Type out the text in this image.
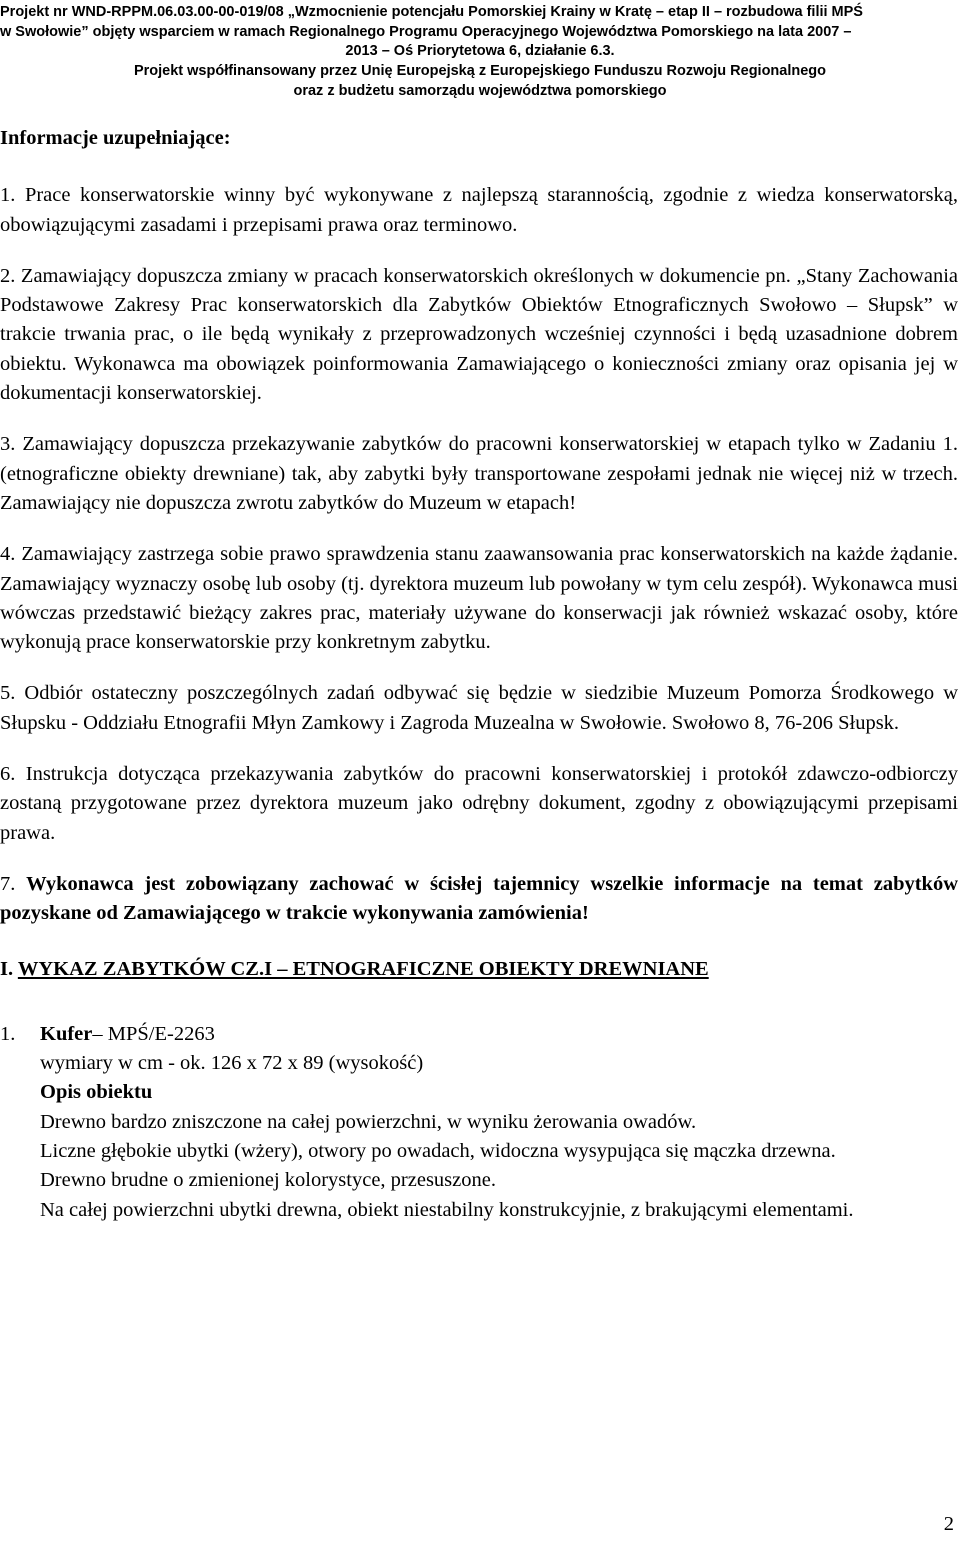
Projekt nr WND-RPPM.06.03.00-00-019/08 „Wzmocnienie potencjału Pomorskiej Krainy w Kratę – etap II – rozbudowa filii MPŚ
w Swołowie” objęty wsparciem w ramach Regionalnego Programu Operacyjnego Województwa Pomorskiego na lata 2007 –
2013 – Oś Priorytetowa 6, działanie 6.3.
Projekt współfinansowany przez Unię Europejską z Europejskiego Funduszu Rozwoju Regionalnego
oraz z budżetu samorządu województwa pomorskiego
Informacje uzupełniające:

1. Prace konserwatorskie winny być wykonywane z najlepszą starannością, zgodnie z wiedza konserwatorską, obowiązującymi zasadami i przepisami prawa oraz terminowo.

2. Zamawiający dopuszcza zmiany w pracach konserwatorskich określonych w dokumencie pn. „Stany Zachowania Podstawowe Zakresy Prac konserwatorskich dla Zabytków Obiektów Etnograficznych Swołowo – Słupsk” w trakcie trwania prac, o ile będą wynikały z przeprowadzonych wcześniej czynności i będą uzasadnione dobrem obiektu. Wykonawca ma obowiązek poinformowania Zamawiającego o konieczności zmiany oraz opisania jej w dokumentacji konserwatorskiej.

3. Zamawiający dopuszcza przekazywanie zabytków do pracowni konserwatorskiej w etapach tylko w Zadaniu 1. (etnograficzne obiekty drewniane) tak, aby zabytki były transportowane zespołami jednak nie więcej niż w trzech. Zamawiający nie dopuszcza zwrotu zabytków do Muzeum w etapach!

4. Zamawiający zastrzega sobie prawo sprawdzenia stanu zaawansowania prac konserwatorskich na każde żądanie. Zamawiający wyznaczy osobę lub osoby (tj. dyrektora muzeum lub powołany w tym celu zespół). Wykonawca musi wówczas przedstawić bieżący zakres prac, materiały używane do konserwacji jak również wskazać osoby, które wykonują prace konserwatorskie przy konkretnym zabytku.

5. Odbiór ostateczny poszczególnych zadań odbywać się będzie w siedzibie Muzeum Pomorza Środkowego w Słupsku - Oddziału Etnografii Młyn Zamkowy i Zagroda Muzealna w Swołowie. Swołowo 8, 76-206 Słupsk.

6. Instrukcja dotycząca przekazywania zabytków do pracowni konserwatorskiej i protokół zdawczo-odbiorczy zostaną przygotowane przez dyrektora muzeum jako odrębny dokument, zgodny z obowiązującymi przepisami prawa.

7. Wykonawca jest zobowiązany zachować w ścisłej tajemnicy wszelkie informacje na temat zabytków pozyskane od Zamawiającego w trakcie wykonywania zamówienia!

I. WYKAZ ZABYTKÓW CZ.I – ETNOGRAFICZNE OBIEKTY DREWNIANE
1. Kufer– MPŚ/E-2263
wymiary w cm - ok. 126 x 72 x 89 (wysokość)
Opis obiektu
Drewno bardzo zniszczone na całej powierzchni, w wyniku żerowania owadów.
Liczne głębokie ubytki (wżery), otwory po owadach, widoczna wysypująca się mączka drzewna.
Drewno brudne o zmienionej kolorystyce, przesuszone.
Na całej powierzchni ubytki drewna, obiekt niestabilny konstrukcyjnie, z brakującymi elementami.
2
